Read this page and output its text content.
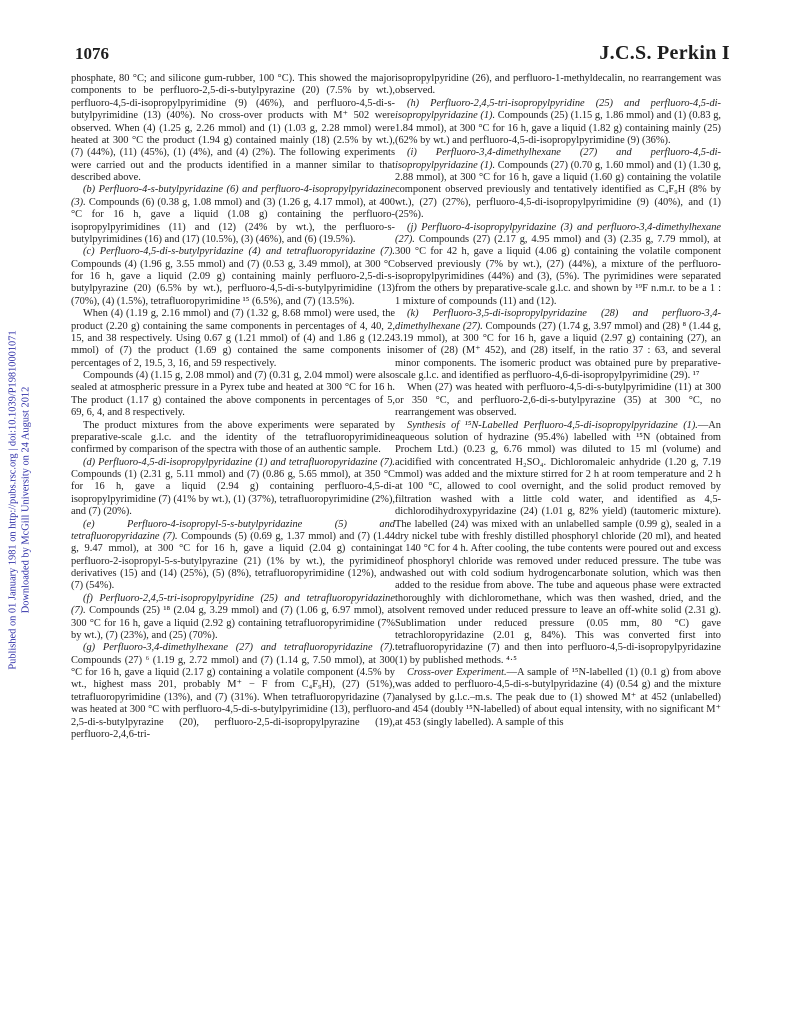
1076	J.C.S. Perkin I
Published on 01 January 1981 on http://pubs.rsc.org | doi:10.1039/P19810001071 Downloaded by McGill University on 24 August 2012

phosphate, 80 °C; and silicone gum-rubber, 100 °C). This showed the major components to be perfluoro-2,5-di-s-butylpyrazine (20) (7.5% by wt.), perfluoro-4,5-di-isopropylpyrimidine (9) (46%), and perfluoro-4,5-di-s-butylpyrimidine (13) (40%). No cross-over products with M⁺ 502 were observed. When (4) (1.25 g, 2.26 mmol) and (1) (1.03 g, 2.28 mmol) were heated at 300 °C the product (1.94 g) contained mainly (18) (2.5% by wt.), (7) (44%), (11) (45%), (1) (4%), and (4) (2%). The following experiments were carried out and the products identified in a manner similar to that described above.

(b) Perfluoro-4-s-butylpyridazine (6) and perfluoro-4-isopropylpyridazine (3). Compounds (6) (0.38 g, 1.08 mmol) and (3) (1.26 g, 4.17 mmol), at 400 °C for 16 h, gave a liquid (1.08 g) containing the perfluoro-isopropylpyrimidines (11) and (12) (24% by wt.), the perfluoro-s-butylpyrimidines (16) and (17) (10.5%), (3) (46%), and (6) (19.5%).

(c) Perfluoro-4,5-di-s-butylpyridazine (4) and tetrafluoropyridazine (7). Compounds (4) (1.96 g, 3.55 mmol) and (7) (0.53 g, 3.49 mmol), at 300 °C for 16 h, gave a liquid (2.09 g) containing mainly perfluoro-2,5-di-s-butylpyrazine (20) (6.5% by wt.), perfluoro-4,5-di-s-butylpyrimidine (13) (70%), (4) (1.5%), tetrafluoropyrimidine ¹⁵ (6.5%), and (7) (13.5%).

When (4) (1.19 g, 2.16 mmol) and (7) (1.32 g, 8.68 mmol) were used, the product (2.20 g) containing the same components in percentages of 4, 40, 2, 15, and 38 respectively. Using 0.67 g (1.21 mmol) of (4) and 1.86 g (12.24 mmol) of (7) the product (1.69 g) contained the same components in percentages of 2, 19.5, 3, 16, and 59 respectively.

Compounds (4) (1.15 g, 2.08 mmol) and (7) (0.31 g, 2.04 mmol) were also sealed at atmospheric pressure in a Pyrex tube and heated at 300 °C for 16 h. The product (1.17 g) contained the above components in percentages of 5, 69, 6, 4, and 8 respectively.

The product mixtures from the above experiments were separated by preparative-scale g.l.c. and the identity of the tetrafluoropyrimidine confirmed by comparison of the spectra with those of an authentic sample.

(d) Perfluoro-4,5-di-isopropylpyridazine (1) and tetrafluoropyridazine (7). Compounds (1) (2.31 g, 5.11 mmol) and (7) (0.86 g, 5.65 mmol), at 350 °C for 16 h, gave a liquid (2.94 g) containing perfluoro-4,5-di-isopropylpyrimidine (7) (41% by wt.), (1) (37%), tetrafluoropyrimidine (2%), and (7) (20%).

(e) Perfluoro-4-isopropyl-5-s-butylpyridazine (5) and tetrafluoropyridazine (7). Compounds (5) (0.69 g, 1.37 mmol) and (7) (1.44 g, 9.47 mmol), at 300 °C for 16 h, gave a liquid (2.04 g) containing perfluoro-2-isopropyl-5-s-butylpyrazine (21) (1% by wt.), the pyrimidine derivatives (15) and (14) (25%), (5) (8%), tetrafluoropyrimidine (12%), and (7) (54%).

(f) Perfluoro-2,4,5-tri-isopropylpyridine (25) and tetrafluoropyridazine (7). Compounds (25) ¹⁸ (2.04 g, 3.29 mmol) and (7) (1.06 g, 6.97 mmol), at 300 °C for 16 h, gave a liquid (2.92 g) containing tetrafluoropyrimidine (7% by wt.), (7) (23%), and (25) (70%).

(g) Perfluoro-3,4-dimethylhexane (27) and tetrafluoropyridazine (7). Compounds (27) ⁶ (1.19 g, 2.72 mmol) and (7) (1.14 g, 7.50 mmol), at 300 °C for 16 h, gave a liquid (2.17 g) containing a volatile component (4.5% by wt., highest mass 201, probably M⁺ − F from C₄F₉H), (27) (51%), tetrafluoropyrimidine (13%), and (7) (31%). When tetrafluoropyridazine (7) was heated at 300 °C with perfluoro-4,5-di-s-butylpyrimidine (13), perfluoro-2,5-di-s-butylpyrazine (20), perfluoro-2,5-di-isopropylpyrazine (19), perfluoro-2,4,6-tri-

isopropylpyridine (26), and perfluoro-1-methyldecalin, no rearrangement was observed.

(h) Perfluoro-2,4,5-tri-isopropylpyridine (25) and perfluoro-4,5-di-isopropylpyridazine (1). Compounds (25) (1.15 g, 1.86 mmol) and (1) (0.83 g, 1.84 mmol), at 300 °C for 16 h, gave a liquid (1.82 g) containing mainly (25) (62% by wt.) and perfluoro-4,5-di-isopropylpyrimidine (9) (36%).

(i) Perfluoro-3,4-dimethylhexane (27) and perfluoro-4,5-di-isopropylpyridazine (1). Compounds (27) (0.70 g, 1.60 mmol) and (1) (1.30 g, 2.88 mmol), at 300 °C for 16 h, gave a liquid (1.60 g) containing the volatile component observed previously and tentatively identified as C₄F₉H (8% by wt.), (27) (27%), perfluoro-4,5-di-isopropylpyrimidine (9) (40%), and (1) (25%).

(j) Perfluoro-4-isopropylpyridazine (3) and perfluoro-3,4-dimethylhexane (27). Compounds (27) (2.17 g, 4.95 mmol) and (3) (2.35 g, 7.79 mmol), at 300 °C for 42 h, gave a liquid (4.06 g) containing the volatile component observed previously (7% by wt.), (27) (44%), a mixture of the perfluoro-isopropylpyrimidines (44%) and (3), (5%). The pyrimidines were separated from the others by preparative-scale g.l.c. and shown by ¹⁹F n.m.r. to be a 1 : 1 mixture of compounds (11) and (12).

(k) Perfluoro-3,5-di-isopropylpyridazine (28) and perfluoro-3,4-dimethylhexane (27). Compounds (27) (1.74 g, 3.97 mmol) and (28) ⁸ (1.44 g, 3.19 mmol), at 300 °C for 16 h, gave a liquid (2.97 g) containing (27), an isomer of (28) (M⁺ 452), and (28) itself, in the ratio 37 : 63, and several minor components. The isomeric product was obtained pure by preparative-scale g.l.c. and identified as perfluoro-4,6-di-isopropylpyrimidine (29). ¹⁷

When (27) was heated with perfluoro-4,5-di-s-butylpyrimidine (11) at 300 or 350 °C, and perfluoro-2,6-di-s-butylpyrazine (35) at 300 °C, no rearrangement was observed.

Synthesis of ¹⁵N-Labelled Perfluoro-4,5-di-isopropylpyridazine (1).—An aqueous solution of hydrazine (95.4%) labelled with ¹⁵N (obtained from Prochem Ltd.) (0.23 g, 6.76 mmol) was diluted to 15 ml (volume) and acidified with concentrated H₂SO₄. Dichloromaleic anhydride (1.20 g, 7.19 mmol) was added and the mixture stirred for 2 h at room temperature and 2 h at 100 °C, allowed to cool overnight, and the solid product removed by filtration washed with a little cold water, and identified as 4,5-dichlorodihydroxypyridazine (24) (1.01 g, 82% yield) (tautomeric mixture). The labelled (24) was mixed with an unlabelled sample (0.99 g), sealed in a dry nickel tube with freshly distilled phosphoryl chloride (20 ml), and heated at 140 °C for 4 h. After cooling, the tube contents were poured out and excess of phosphoryl chloride was removed under reduced pressure. The tube was washed out with cold sodium hydrogencarbonate solution, which was then added to the residue from above. The tube and aqueous phase were extracted thoroughly with dichloromethane, which was then washed, dried, and the solvent removed under reduced pressure to leave an off-white solid (2.31 g). Sublimation under reduced pressure (0.05 mm, 80 °C) gave tetrachloropyridazine (2.01 g, 84%). This was converted first into tetrafluoropyridazine (7) and then into perfluoro-4,5-di-isopropylpyridazine (1) by published methods. ⁴·⁵

Cross-over Experiment.—A sample of ¹⁵N-labelled (1) (0.1 g) from above was added to perfluoro-4,5-di-s-butylpyridazine (4) (0.54 g) and the mixture analysed by g.l.c.–m.s. The peak due to (1) showed M⁺ at 452 (unlabelled) and 454 (doubly ¹⁵N-labelled) of about equal intensity, with no significant M⁺ at 453 (singly labelled). A sample of this
